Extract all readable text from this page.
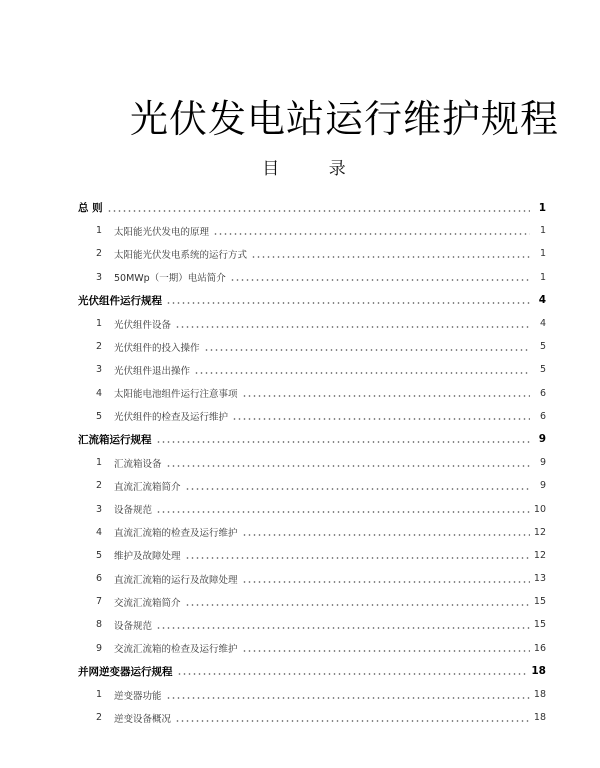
光伏发电站运行维护规程
目 录
总 则	1
1	太阳能光伏发电的原理	1
2	太阳能光伏发电系统的运行方式	1
3	50MWp（一期）电站简介	1
光伏组件运行规程	4
1	光伏组件设备	4
2	光伏组件的投入操作	5
3	光伏组件退出操作	5
4	太阳能电池组件运行注意事项	6
5	光伏组件的检查及运行维护	6
汇流箱运行规程	9
1	汇流箱设备	9
2	直流汇流箱简介	9
3	设备规范	10
4	直流汇流箱的检查及运行维护	12
5	维护及故障处理	12
6	直流汇流箱的运行及故障处理	13
7	交流汇流箱简介	15
8	设备规范	15
9	交流汇流箱的检查及运行维护	16
并网逆变器运行规程	18
1	逆变器功能	18
2	逆变设备概况	18
